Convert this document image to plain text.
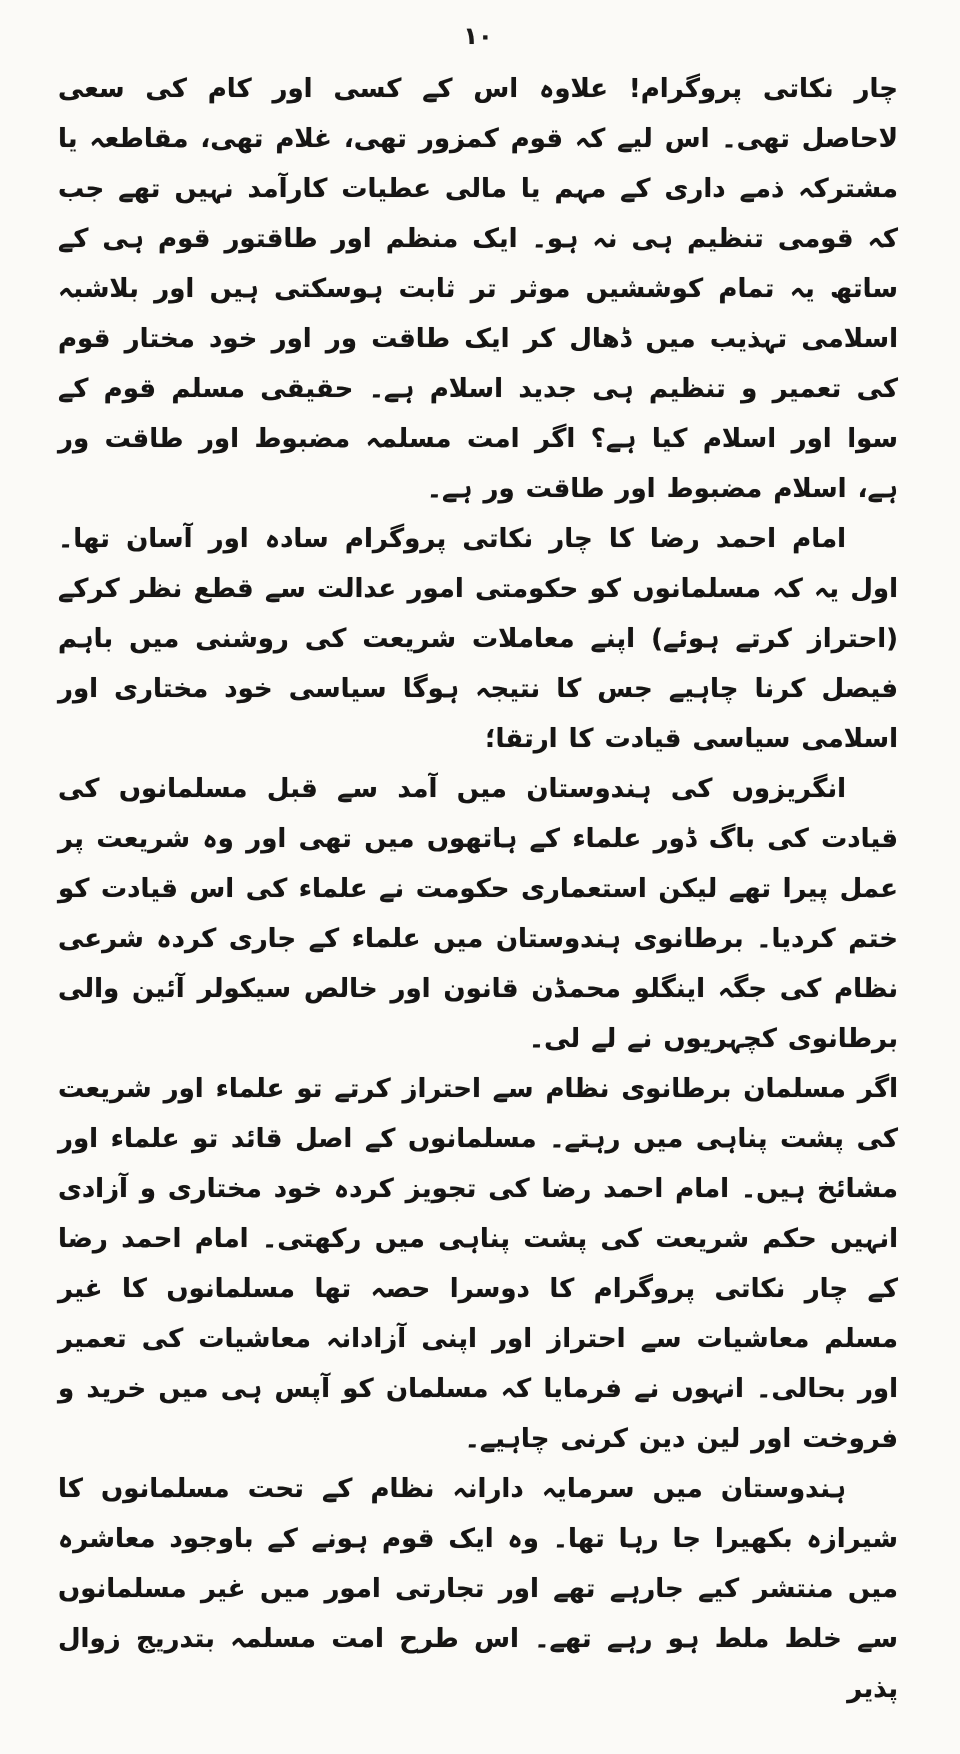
۱۰

چار نکاتی پروگرام! علاوہ اس کے کسی اور کام کی سعی لاحاصل تھی۔ اس لیے کہ قوم کمزور تھی، غلام تھی، مقاطعہ یا مشترکہ ذمے داری کے مہم یا مالی عطیات کارآمد نہیں تھے جب کہ قومی تنظیم ہی نہ ہو۔ ایک منظم اور طاقتور قوم ہی کے ساتھ یہ تمام کوششیں موثر تر ثابت ہوسکتی ہیں اور بلاشبہ اسلامی تہذیب میں ڈھال کر ایک طاقت ور اور خود مختار قوم کی تعمیر و تنظیم ہی جدید اسلام ہے۔ حقیقی مسلم قوم کے سوا اور اسلام کیا ہے؟ اگر امت مسلمہ مضبوط اور طاقت ور ہے، اسلام مضبوط اور طاقت ور ہے۔

امام احمد رضا کا چار نکاتی پروگرام سادہ اور آسان تھا۔ اول یہ کہ مسلمانوں کو حکومتی امور عدالت سے قطع نظر کرکے (احتراز کرتے ہوئے) اپنے معاملات شریعت کی روشنی میں باہم فیصل کرنا چاہیے جس کا نتیجہ ہوگا سیاسی خود مختاری اور اسلامی سیاسی قیادت کا ارتقا؛

انگریزوں کی ہندوستان میں آمد سے قبل مسلمانوں کی قیادت کی باگ ڈور علماء کے ہاتھوں میں تھی اور وہ شریعت پر عمل پیرا تھے لیکن استعماری حکومت نے علماء کی اس قیادت کو ختم کردیا۔ برطانوی ہندوستان میں علماء کے جاری کردہ شرعی نظام کی جگہ اینگلو محمڈن قانون اور خالص سیکولر آئین والی برطانوی کچہریوں نے لے لی۔

اگر مسلمان برطانوی نظام سے احتراز کرتے تو علماء اور شریعت کی پشت پناہی میں رہتے۔ مسلمانوں کے اصل قائد تو علماء اور مشائخ ہیں۔ امام احمد رضا کی تجویز کردہ خود مختاری و آزادی انہیں حکم شریعت کی پشت پناہی میں رکھتی۔ امام احمد رضا کے چار نکاتی پروگرام کا دوسرا حصہ تھا مسلمانوں کا غیر مسلم معاشیات سے احتراز اور اپنی آزادانہ معاشیات کی تعمیر اور بحالی۔ انہوں نے فرمایا کہ مسلمان کو آپس ہی میں خرید و فروخت اور لین دین کرنی چاہیے۔

ہندوستان میں سرمایہ دارانہ نظام کے تحت مسلمانوں کا شیرازہ بکھیرا جا رہا تھا۔ وہ ایک قوم ہونے کے باوجود معاشرہ میں منتشر کیے جارہے تھے اور تجارتی امور میں غیر مسلمانوں سے خلط ملط ہو رہے تھے۔ اس طرح امت مسلمہ بتدریج زوال پذیر
